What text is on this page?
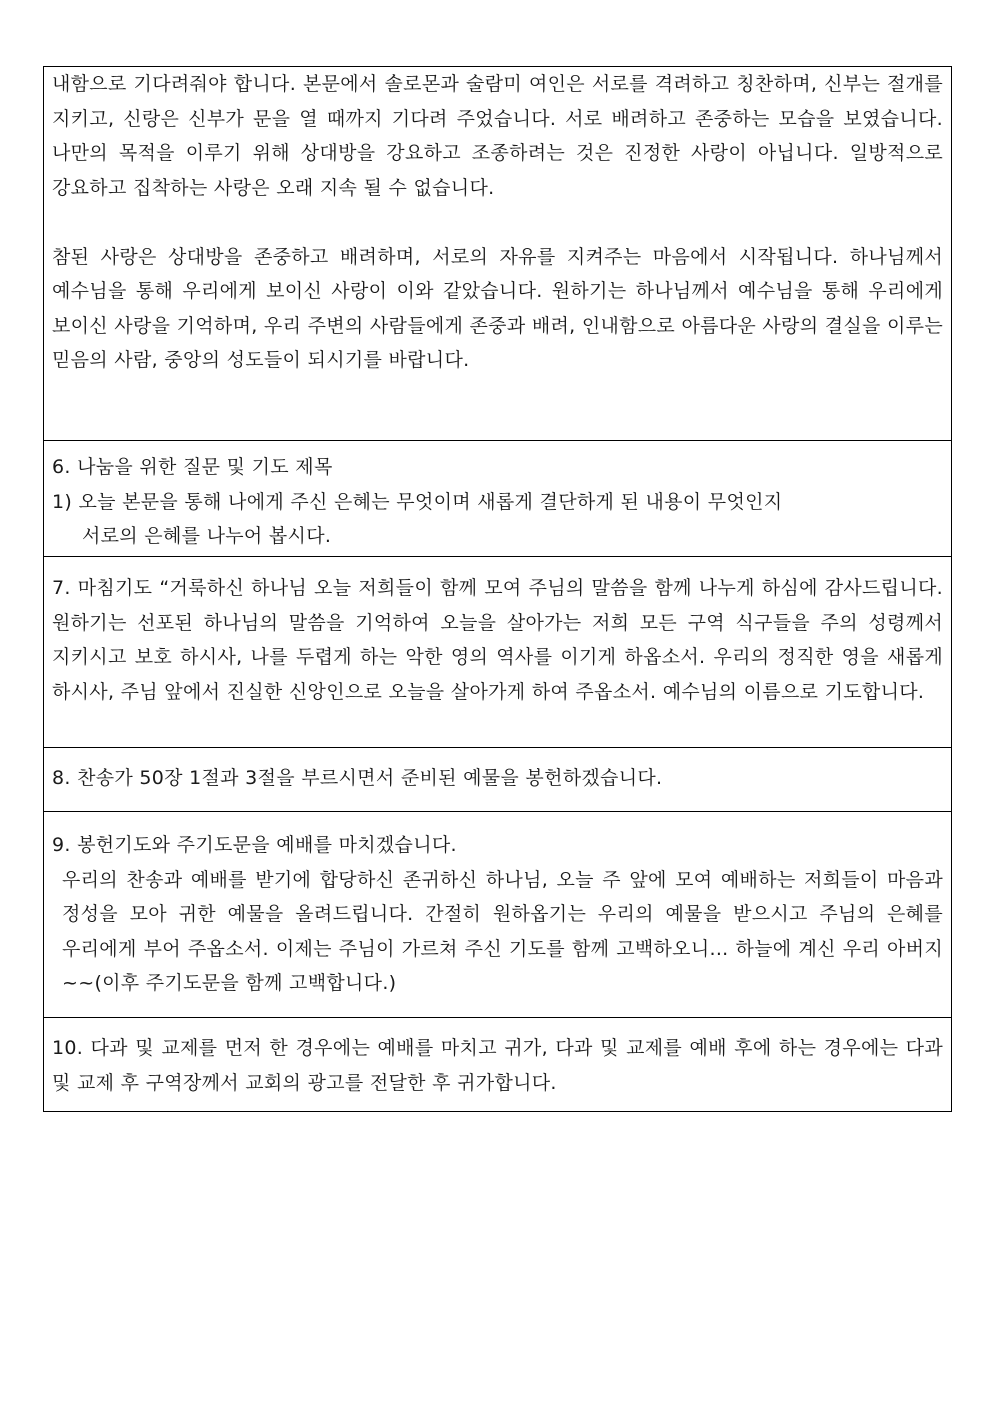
내함으로 기다려줘야 합니다. 본문에서 솔로몬과 술람미 여인은 서로를 격려하고 칭찬하며, 신부는 절개를 지키고, 신랑은 신부가 문을 열 때까지 기다려 주었습니다. 서로 배려하고 존중하는 모습을 보였습니다. 나만의 목적을 이루기 위해 상대방을 강요하고 조종하려는 것은 진정한 사랑이 아닙니다. 일방적으로 강요하고 집착하는 사랑은 오래 지속 될 수 없습니다.

참된 사랑은 상대방을 존중하고 배려하며, 서로의 자유를 지켜주는 마음에서 시작됩니다. 하나님께서 예수님을 통해 우리에게 보이신 사랑이 이와 같았습니다. 원하기는 하나님께서 예수님을 통해 우리에게 보이신 사랑을 기억하며, 우리 주변의 사람들에게 존중과 배려, 인내함으로 아름다운 사랑의 결실을 이루는 믿음의 사람, 중앙의 성도들이 되시기를 바랍니다.

6. 나눔을 위한 질문 및 기도 제목

1) 오늘 본문을 통해 나에게 주신 은혜는 무엇이며 새롭게 결단하게 된 내용이 무엇인지

서로의 은혜를 나누어 봅시다.

7. 마침기도 “거룩하신 하나님 오늘 저희들이 함께 모여 주님의 말씀을 함께 나누게 하심에 감사드립니다. 원하기는 선포된 하나님의 말씀을 기억하여 오늘을 살아가는 저희 모든 구역 식구들을 주의 성령께서 지키시고 보호 하시사, 나를 두렵게 하는 악한 영의 역사를 이기게 하옵소서. 우리의 정직한 영을 새롭게 하시사, 주님 앞에서 진실한 신앙인으로 오늘을 살아가게 하여 주옵소서. 예수님의 이름으로 기도합니다.

8. 찬송가 50장 1절과 3절을 부르시면서 준비된 예물을 봉헌하겠습니다.

9. 봉헌기도와 주기도문을 예배를 마치겠습니다.

우리의 찬송과 예배를 받기에 합당하신 존귀하신 하나님, 오늘 주 앞에 모여 예배하는 저희들이 마음과 정성을 모아 귀한 예물을 올려드립니다. 간절히 원하옵기는 우리의 예물을 받으시고 주님의 은혜를 우리에게 부어 주옵소서. 이제는 주님이 가르쳐 주신 기도를 함께 고백하오니... 하늘에 계신 우리 아버지~~(이후 주기도문을 함께 고백합니다.)

10. 다과 및 교제를 먼저 한 경우에는 예배를 마치고 귀가, 다과 및 교제를 예배 후에 하는 경우에는 다과 및 교제 후 구역장께서 교회의 광고를 전달한 후 귀가합니다.
